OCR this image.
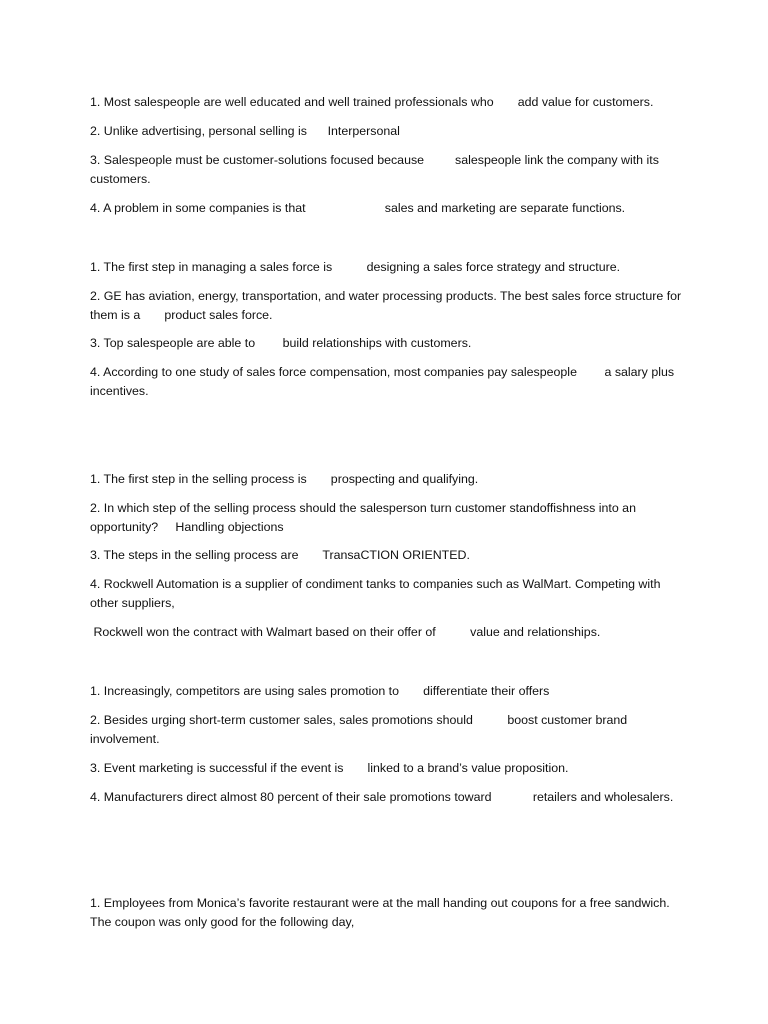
1. Most salespeople are well educated and well trained professionals who       add value for customers.

2. Unlike advertising, personal selling is      Interpersonal

3. Salespeople must be customer-solutions focused because         salespeople link the company with its customers.

4. A problem in some companies is that                       sales and marketing are separate functions.

1. The first step in managing a sales force is          designing a sales force strategy and structure.

2. GE has aviation, energy, transportation, and water processing products. The best sales force structure for them is a       product sales force.

3. Top salespeople are able to        build relationships with customers.

4. According to one study of sales force compensation, most companies pay salespeople        a salary plus incentives.

1. The first step in the selling process is       prospecting and qualifying.

2. In which step of the selling process should the salesperson turn customer standoffishness into an opportunity?     Handling objections

3. The steps in the selling process are       TransaCTION ORIENTED.

4. Rockwell Automation is a supplier of condiment tanks to companies such as WalMart. Competing with other suppliers,

Rockwell won the contract with Walmart based on their offer of          value and relationships.

1. Increasingly, competitors are using sales promotion to       differentiate their offers

2. Besides urging short-term customer sales, sales promotions should          boost customer brand involvement.

3. Event marketing is successful if the event is       linked to a brand’s value proposition.

4. Manufacturers direct almost 80 percent of their sale promotions toward            retailers and wholesalers.

1. Employees from Monica’s favorite restaurant were at the mall handing out coupons for a free sandwich. The coupon was only good for the following day,
